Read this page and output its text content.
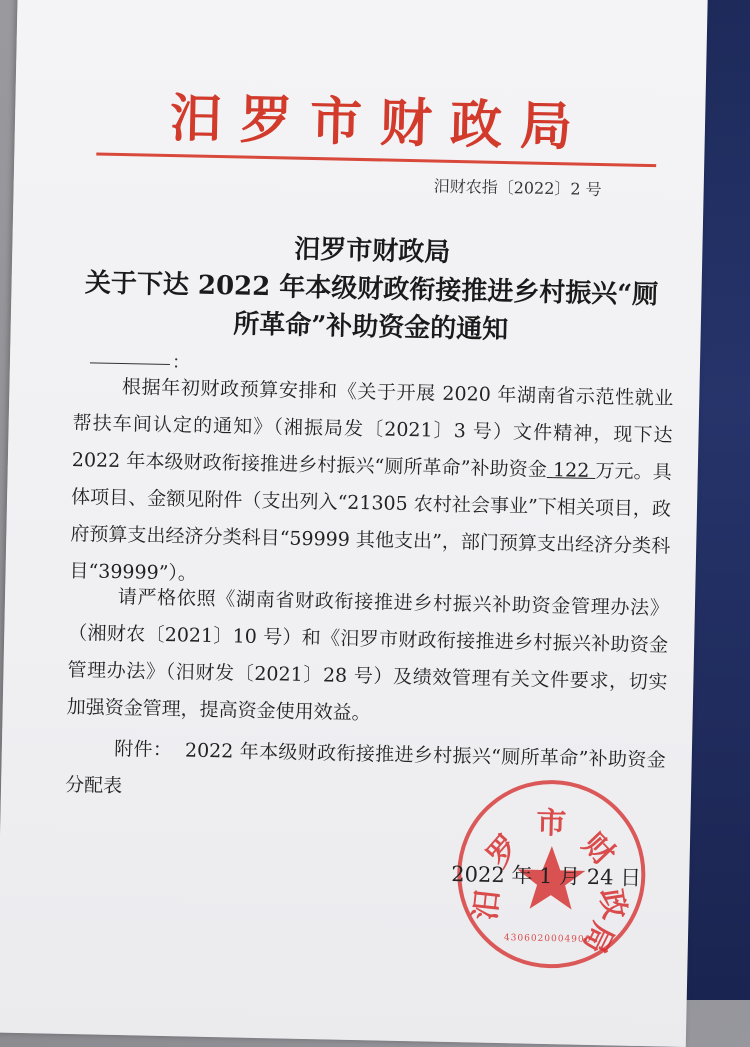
汨罗市财政局
汨财农指〔2022〕2 号
汨罗市财政局
关于下达 2022 年本级财政衔接推进乡村振兴“厕
所革命”补助资金的通知
：
根据年初财政预算安排和《关于开展 2020 年湖南省示范性就业帮扶车间认定的通知》（湘振局发〔2021〕3 号）文件精神，现下达 2022 年本级财政衔接推进乡村振兴“厕所革命”补助资金 122 万元。具体项目、金额见附件（支出列入“21305 农村社会事业”下相关项目，政府预算支出经济分类科目“59999 其他支出”，部门预算支出经济分类科目“39999”）。
请严格依照《湖南省财政衔接推进乡村振兴补助资金管理办法》（湘财农〔2021〕10 号）和《汨罗市财政衔接推进乡村振兴补助资金管理办法》（汨财发〔2021〕28 号）及绩效管理有关文件要求，切实加强资金管理，提高资金使用效益。
附件： 2022 年本级财政衔接推进乡村振兴“厕所革命”补助资金分配表
罗
市
财
政
局
汨
4306020004900
2022 年 1 月 24 日
